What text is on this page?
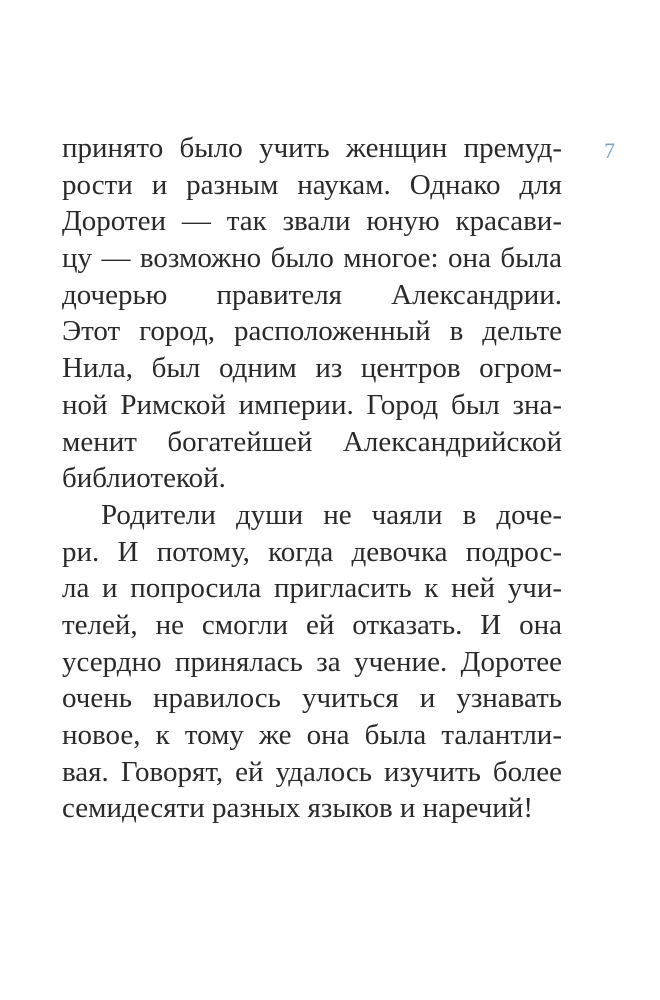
7
принято было учить женщин премуд-
рости и разным наукам. Однако для
Доротеи — так звали юную красави-
цу — возможно было многое: она была
дочерью правителя Александрии.
Этот город, расположенный в дельте
Нила, был одним из центров огром-
ной Римской империи. Город был зна-
менит богатейшей Александрийской
библиотекой.
Родители души не чаяли в доче-
ри. И потому, когда девочка подрос-
ла и попросила пригласить к ней учи-
телей, не смогли ей отказать. И она
усердно принялась за учение. Доротее
очень нравилось учиться и узнавать
новое, к тому же она была талантли-
вая. Говорят, ей удалось изучить более
семидесяти разных языков и наречий!
